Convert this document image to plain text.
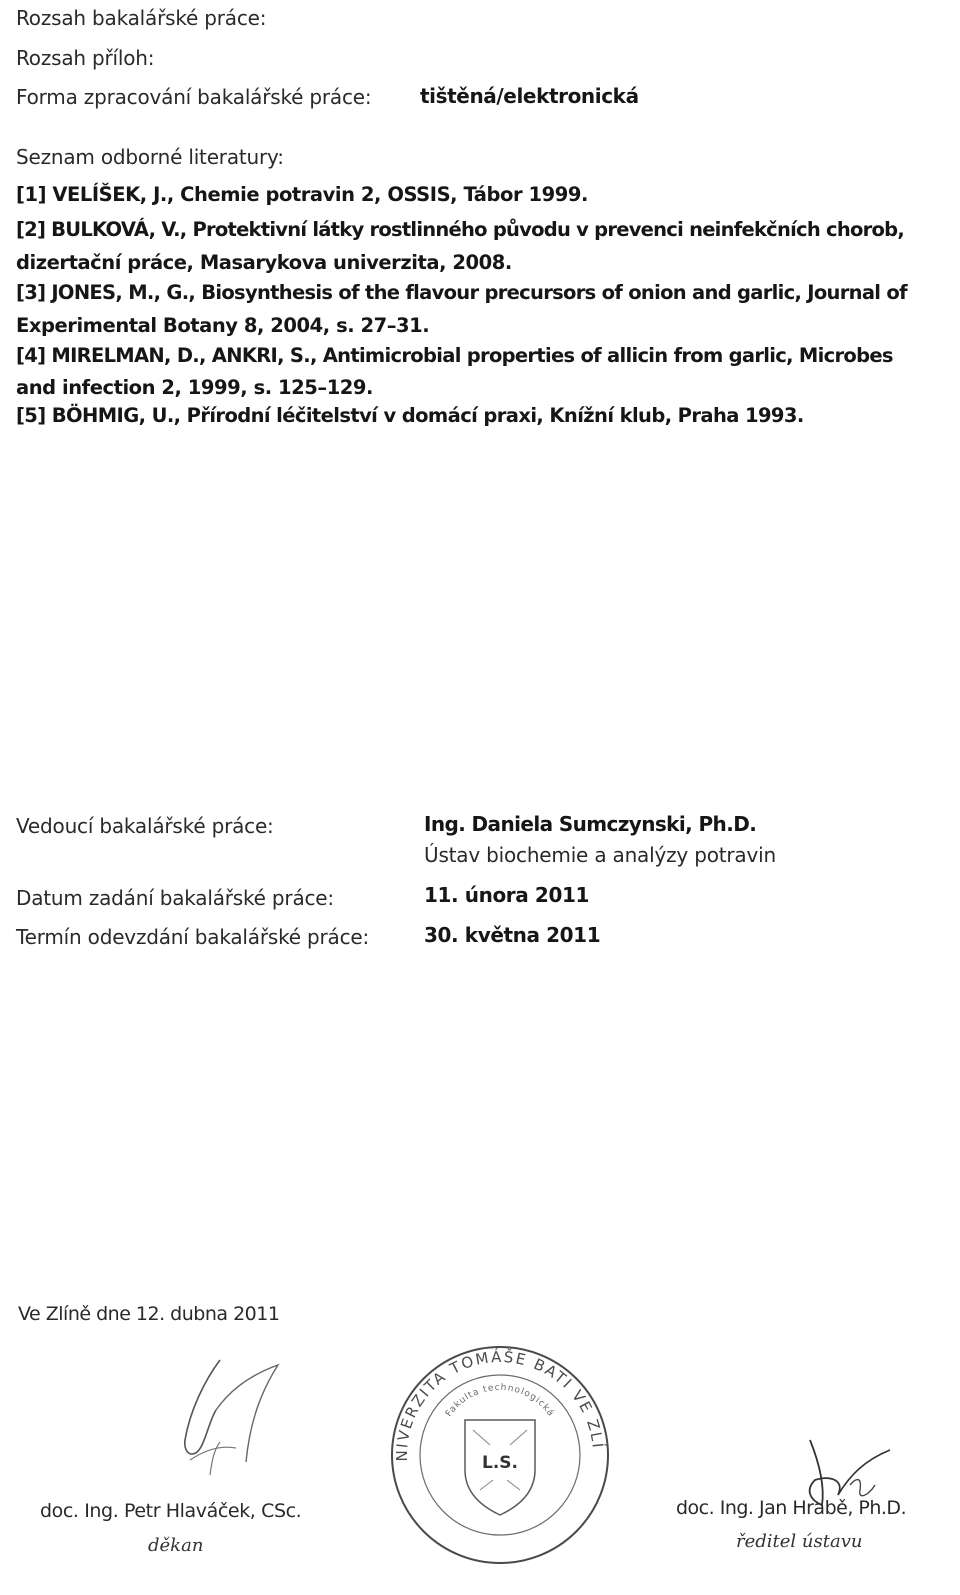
Rozsah bakalářské práce:
Rozsah příloh:
Forma zpracování bakalářské práce: tištěná/elektronická
Seznam odborné literatury:
[1] VELÍŠEK, J., Chemie potravin 2, OSSIS, Tábor 1999.
[2] BULKOVÁ, V., Protektivní látky rostlinného původu v prevenci neinfekčních chorob,
dizertační práce, Masarykova univerzita, 2008.
[3] JONES, M., G., Biosynthesis of the flavour precursors of onion and garlic, Journal of
Experimental Botany 8, 2004, s. 27–31.
[4] MIRELMAN, D., ANKRI, S., Antimicrobial properties of allicin from garlic, Microbes
and infection 2, 1999, s. 125–129.
[5] BÖHMIG, U., Přírodní léčitelství v domácí praxi, Knížní klub, Praha 1993.
Vedoucí bakalářské práce:	Ing. Daniela Sumczynski, Ph.D.
Ústav biochemie a analýzy potravin
Datum zadání bakalářské práce:	11. února 2011
Termín odevzdání bakalářské práce:	30. května 2011
Ve Zlíně dne 12. dubna 2011
doc. Ing. Petr Hlaváček, CSc.
děkan
NIVERZITA TOMÁŠE BATI VE ZLÍ
Fakulta technologická
L.S.
doc. Ing. Jan Hrabě, Ph.D.
ředitel ústavu
